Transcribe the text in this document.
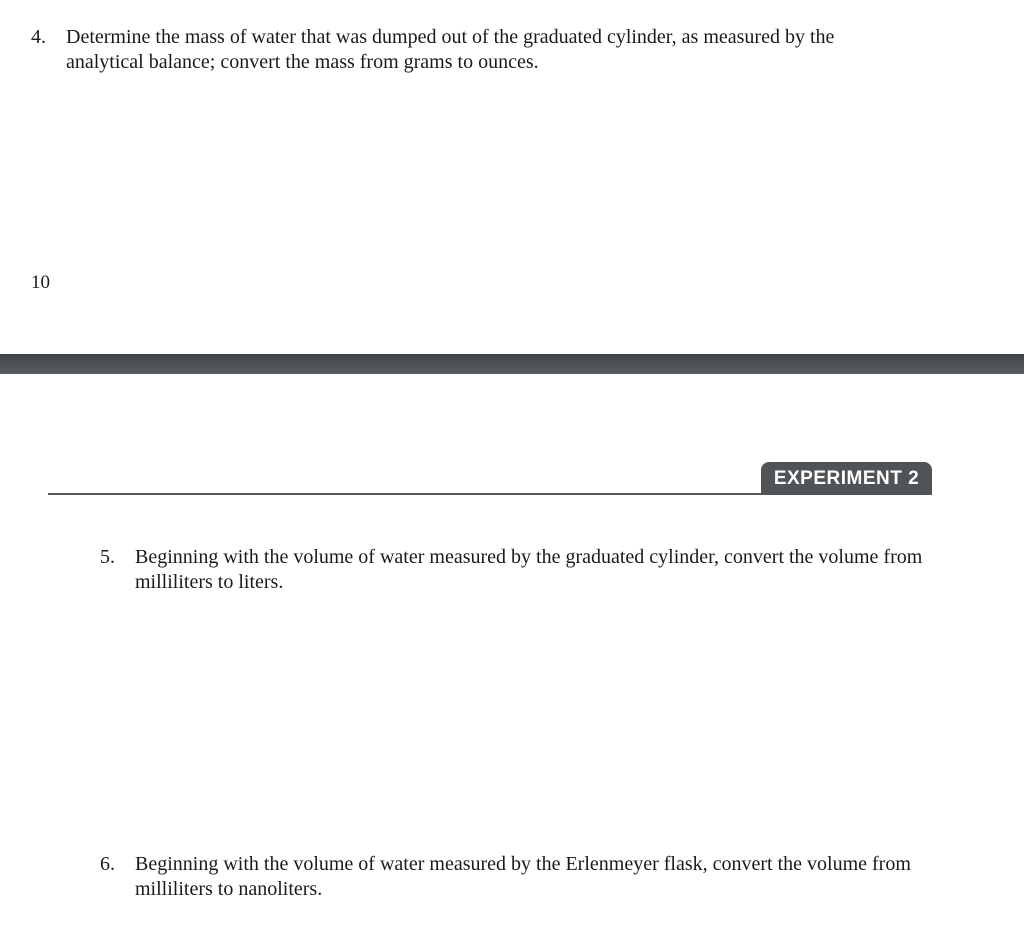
4. Determine the mass of water that was dumped out of the graduated cylinder, as measured by the analytical balance; convert the mass from grams to ounces.
10
EXPERIMENT 2
5. Beginning with the volume of water measured by the graduated cylinder, convert the volume from milliliters to liters.
6. Beginning with the volume of water measured by the Erlenmeyer flask, convert the volume from milliliters to nanoliters.
